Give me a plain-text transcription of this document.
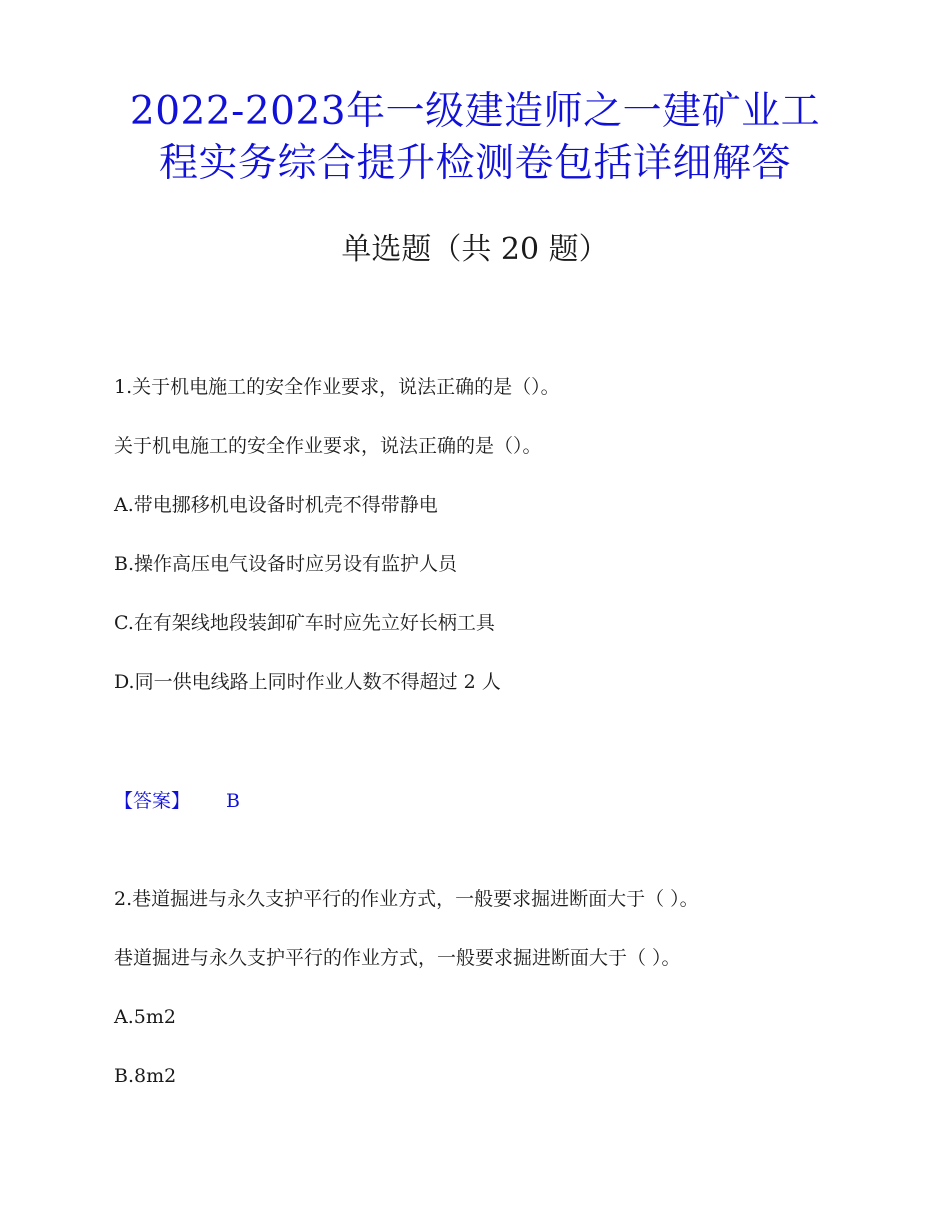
2022-2023年一级建造师之一建矿业工
程实务综合提升检测卷包括详细解答
单选题（共 20 题）

1.关于机电施工的安全作业要求，说法正确的是（）。

关于机电施工的安全作业要求，说法正确的是（）。

A.带电挪移机电设备时机壳不得带静电

B.操作高压电气设备时应另设有监护人员

C.在有架线地段装卸矿车时应先立好长柄工具

D.同一供电线路上同时作业人数不得超过 2 人

【答案】 B

2.巷道掘进与永久支护平行的作业方式，一般要求掘进断面大于（ ）。

巷道掘进与永久支护平行的作业方式，一般要求掘进断面大于（ ）。

A.5m2

B.8m2
